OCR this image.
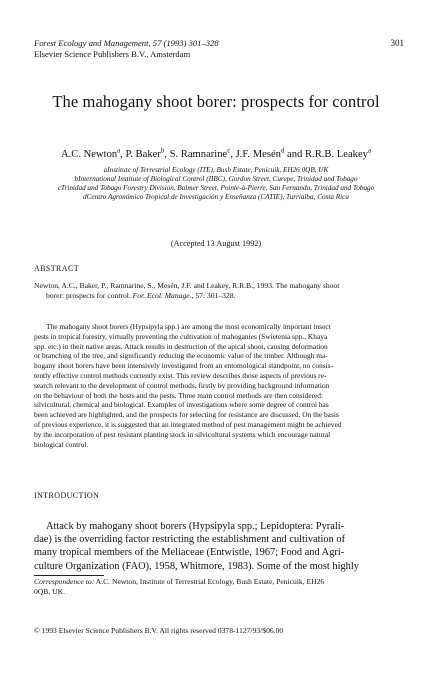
Forest Ecology and Management, 57 (1993) 301–328
Elsevier Science Publishers B.V., Amsterdam
301
The mahogany shoot borer: prospects for control
A.C. Newton$^a$, P. Baker$^b$, S. Ramnarine$^c$, J.F. Mesén$^d$ and R.R.B. Leakey$^a$
aInstitute of Terrestrial Ecology (ITE), Bush Estate, Penicuik, EH26 0QB, UK
bInternational Institute of Biological Control (IIBC), Gordon Street, Curepe, Trinidad and Tobago
cTrinidad and Tobago Forestry Division, Balmer Street, Pointe-à-Pierre, San Fernando, Trinidad and Tobago
dCentro Agronómico Tropical de Investigación y Enseñanza (CATIE), Turrialba, Costa Rica
(Accepted 13 August 1992)
ABSTRACT
Newton, A.C., Baker, P., Ramnarine, S., Mesén, J.F. and Leakey, R.R.B., 1993. The mahogany shoot
borer: prospects for control. For. Ecol. Manage., 57: 301–328.
The mahogany shoot borers (Hypsipyla spp.) are among the most economically important insect
pests in tropical forestry, virtually preventing the cultivation of mahoganies (Swietenia spp., Khaya
spp. etc.) in their native areas. Attack results in destruction of the apical shoot, causing deformation
or branching of the tree, and significantly reducing the economic value of the timber. Although ma-
hogany shoot borers have been intensively investigated from an entomological standpoint, no consis-
tently effective control methods currently exist. This review describes those aspects of previous re-
search relevant to the development of control methods, firstly by providing background information
on the behaviour of both the hosts and the pests. Three main control methods are then considered:
silvicultural, chemical and biological. Examples of investigations where some degree of control has
been achieved are highlighted, and the prospects for selecting for resistance are discussed. On the basis
of previous experience, it is suggested that an integrated method of pest management might be achieved
by the incorporation of pest resistant planting stock in silvicultural systems which encourage natural
biological control.
INTRODUCTION
Attack by mahogany shoot borers (Hypsipyla spp.; Lepidoptera: Pyrali-
dae) is the overriding factor restricting the establishment and cultivation of
many tropical members of the Meliaceae (Entwistle, 1967; Food and Agri-
culture Organization (FAO), 1958, Whitmore, 1983). Some of the most highly
Correspondence to: A.C. Newton, Institute of Terrestrial Ecology, Bush Estate, Penicuik, EH26
0QB, UK.
© 1993 Elsevier Science Publishers B.V. All rights reserved 0378-1127/93/$06.00
